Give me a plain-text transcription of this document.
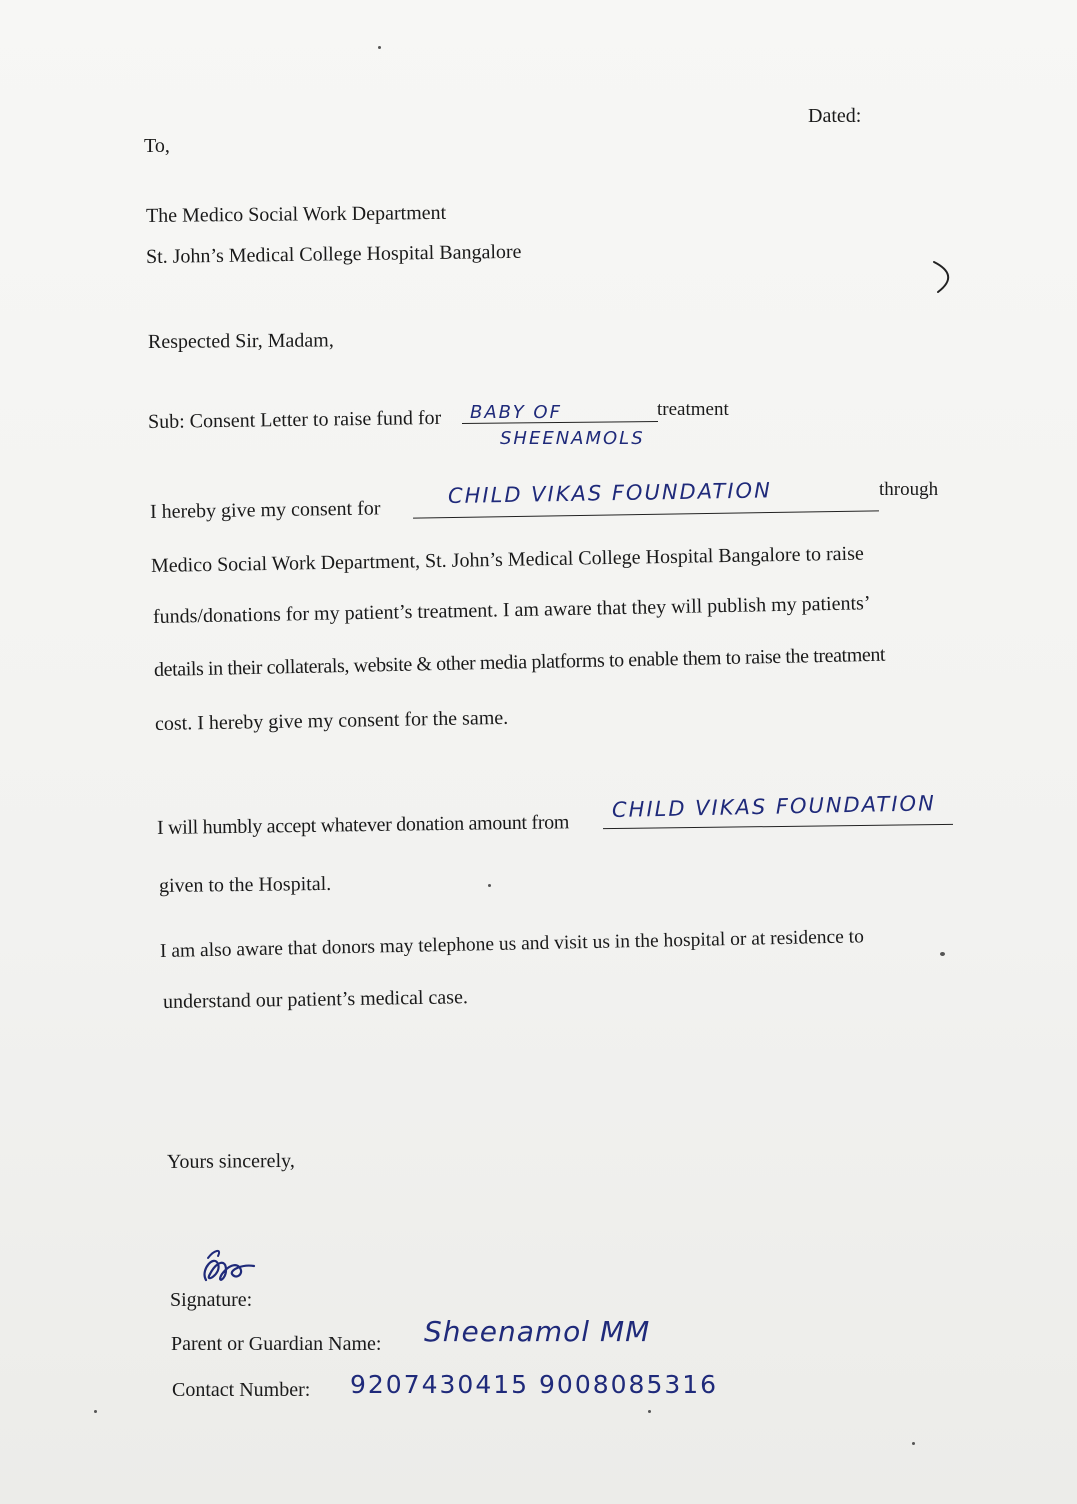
Dated:
To,
The Medico Social Work Department
St. John’s Medical College Hospital Bangalore
Respected Sir, Madam,
Sub: Consent Letter to raise fund for BABY OF
SHEENAMOLS
treatment
I hereby give my consent for
CHILD VIKAS FOUNDATION	through
Medico Social Work Department, St. John’s Medical College Hospital Bangalore to raise
funds/donations for my patient’s treatment. I am aware that they will publish my patients’
details in their collaterals, website & other media platforms to enable them to raise the treatment
cost. I hereby give my consent for the same.
I will humbly accept whatever donation amount from
CHILD VIKAS FOUNDATION
given to the Hospital.
I am also aware that donors may telephone us and visit us in the hospital or at residence to
understand our patient’s medical case.
Yours sincerely,
Signature:
Parent or Guardian Name: Sheenamol MM
Contact Number: 9207430415 9008085316
